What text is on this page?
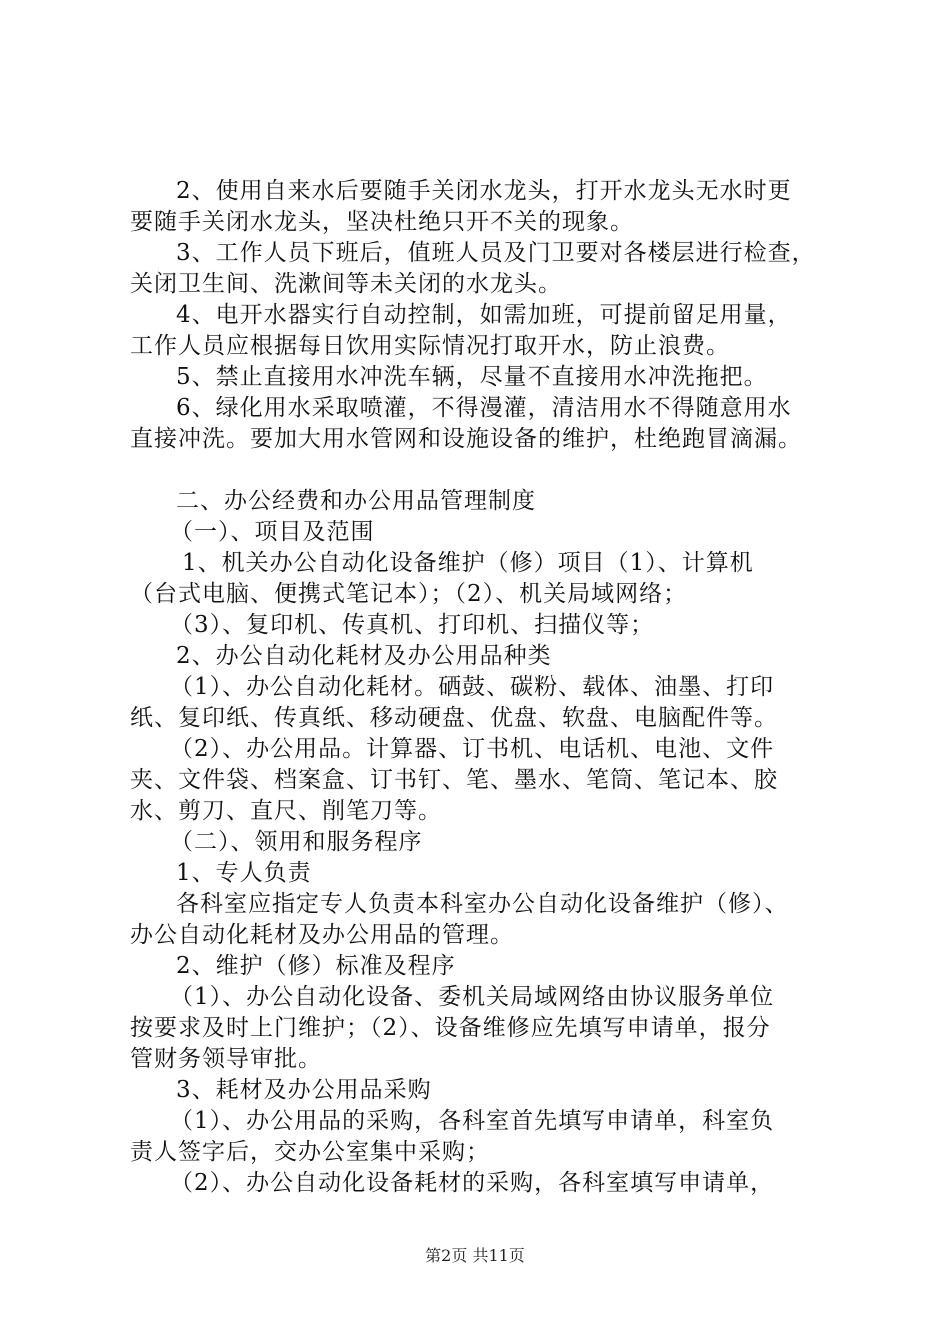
2、使用自来水后要随手关闭水龙头，打开水龙头无水时更
要随手关闭水龙头，坚决杜绝只开不关的现象。
3、工作人员下班后，值班人员及门卫要对各楼层进行检查，
关闭卫生间、洗漱间等未关闭的水龙头。
4、电开水器实行自动控制，如需加班，可提前留足用量，
工作人员应根据每日饮用实际情况打取开水，防止浪费。
5、禁止直接用水冲洗车辆，尽量不直接用水冲洗拖把。
6、绿化用水采取喷灌，不得漫灌，清洁用水不得随意用水
直接冲洗。要加大用水管网和设施设备的维护，杜绝跑冒滴漏。
二、办公经费和办公用品管理制度
（一）、项目及范围
1、机关办公自动化设备维护（修）项目（1）、计算机
（台式电脑、便携式笔记本）；（2）、机关局域网络；
（3）、复印机、传真机、打印机、扫描仪等；
2、办公自动化耗材及办公用品种类
（1）、办公自动化耗材。硒鼓、碳粉、载体、油墨、打印
纸、复印纸、传真纸、移动硬盘、优盘、软盘、电脑配件等。
（2）、办公用品。计算器、订书机、电话机、电池、文件
夹、文件袋、档案盒、订书钉、笔、墨水、笔筒、笔记本、胶
水、剪刀、直尺、削笔刀等。
（二）、领用和服务程序
1、专人负责
各科室应指定专人负责本科室办公自动化设备维护（修）、
办公自动化耗材及办公用品的管理。
2、维护（修）标准及程序
（1）、办公自动化设备、委机关局域网络由协议服务单位
按要求及时上门维护；（2）、设备维修应先填写申请单，报分
管财务领导审批。
3、耗材及办公用品采购
（1）、办公用品的采购，各科室首先填写申请单，科室负
责人签字后，交办公室集中采购；
（2）、办公自动化设备耗材的采购，各科室填写申请单，
第2页 共11页
